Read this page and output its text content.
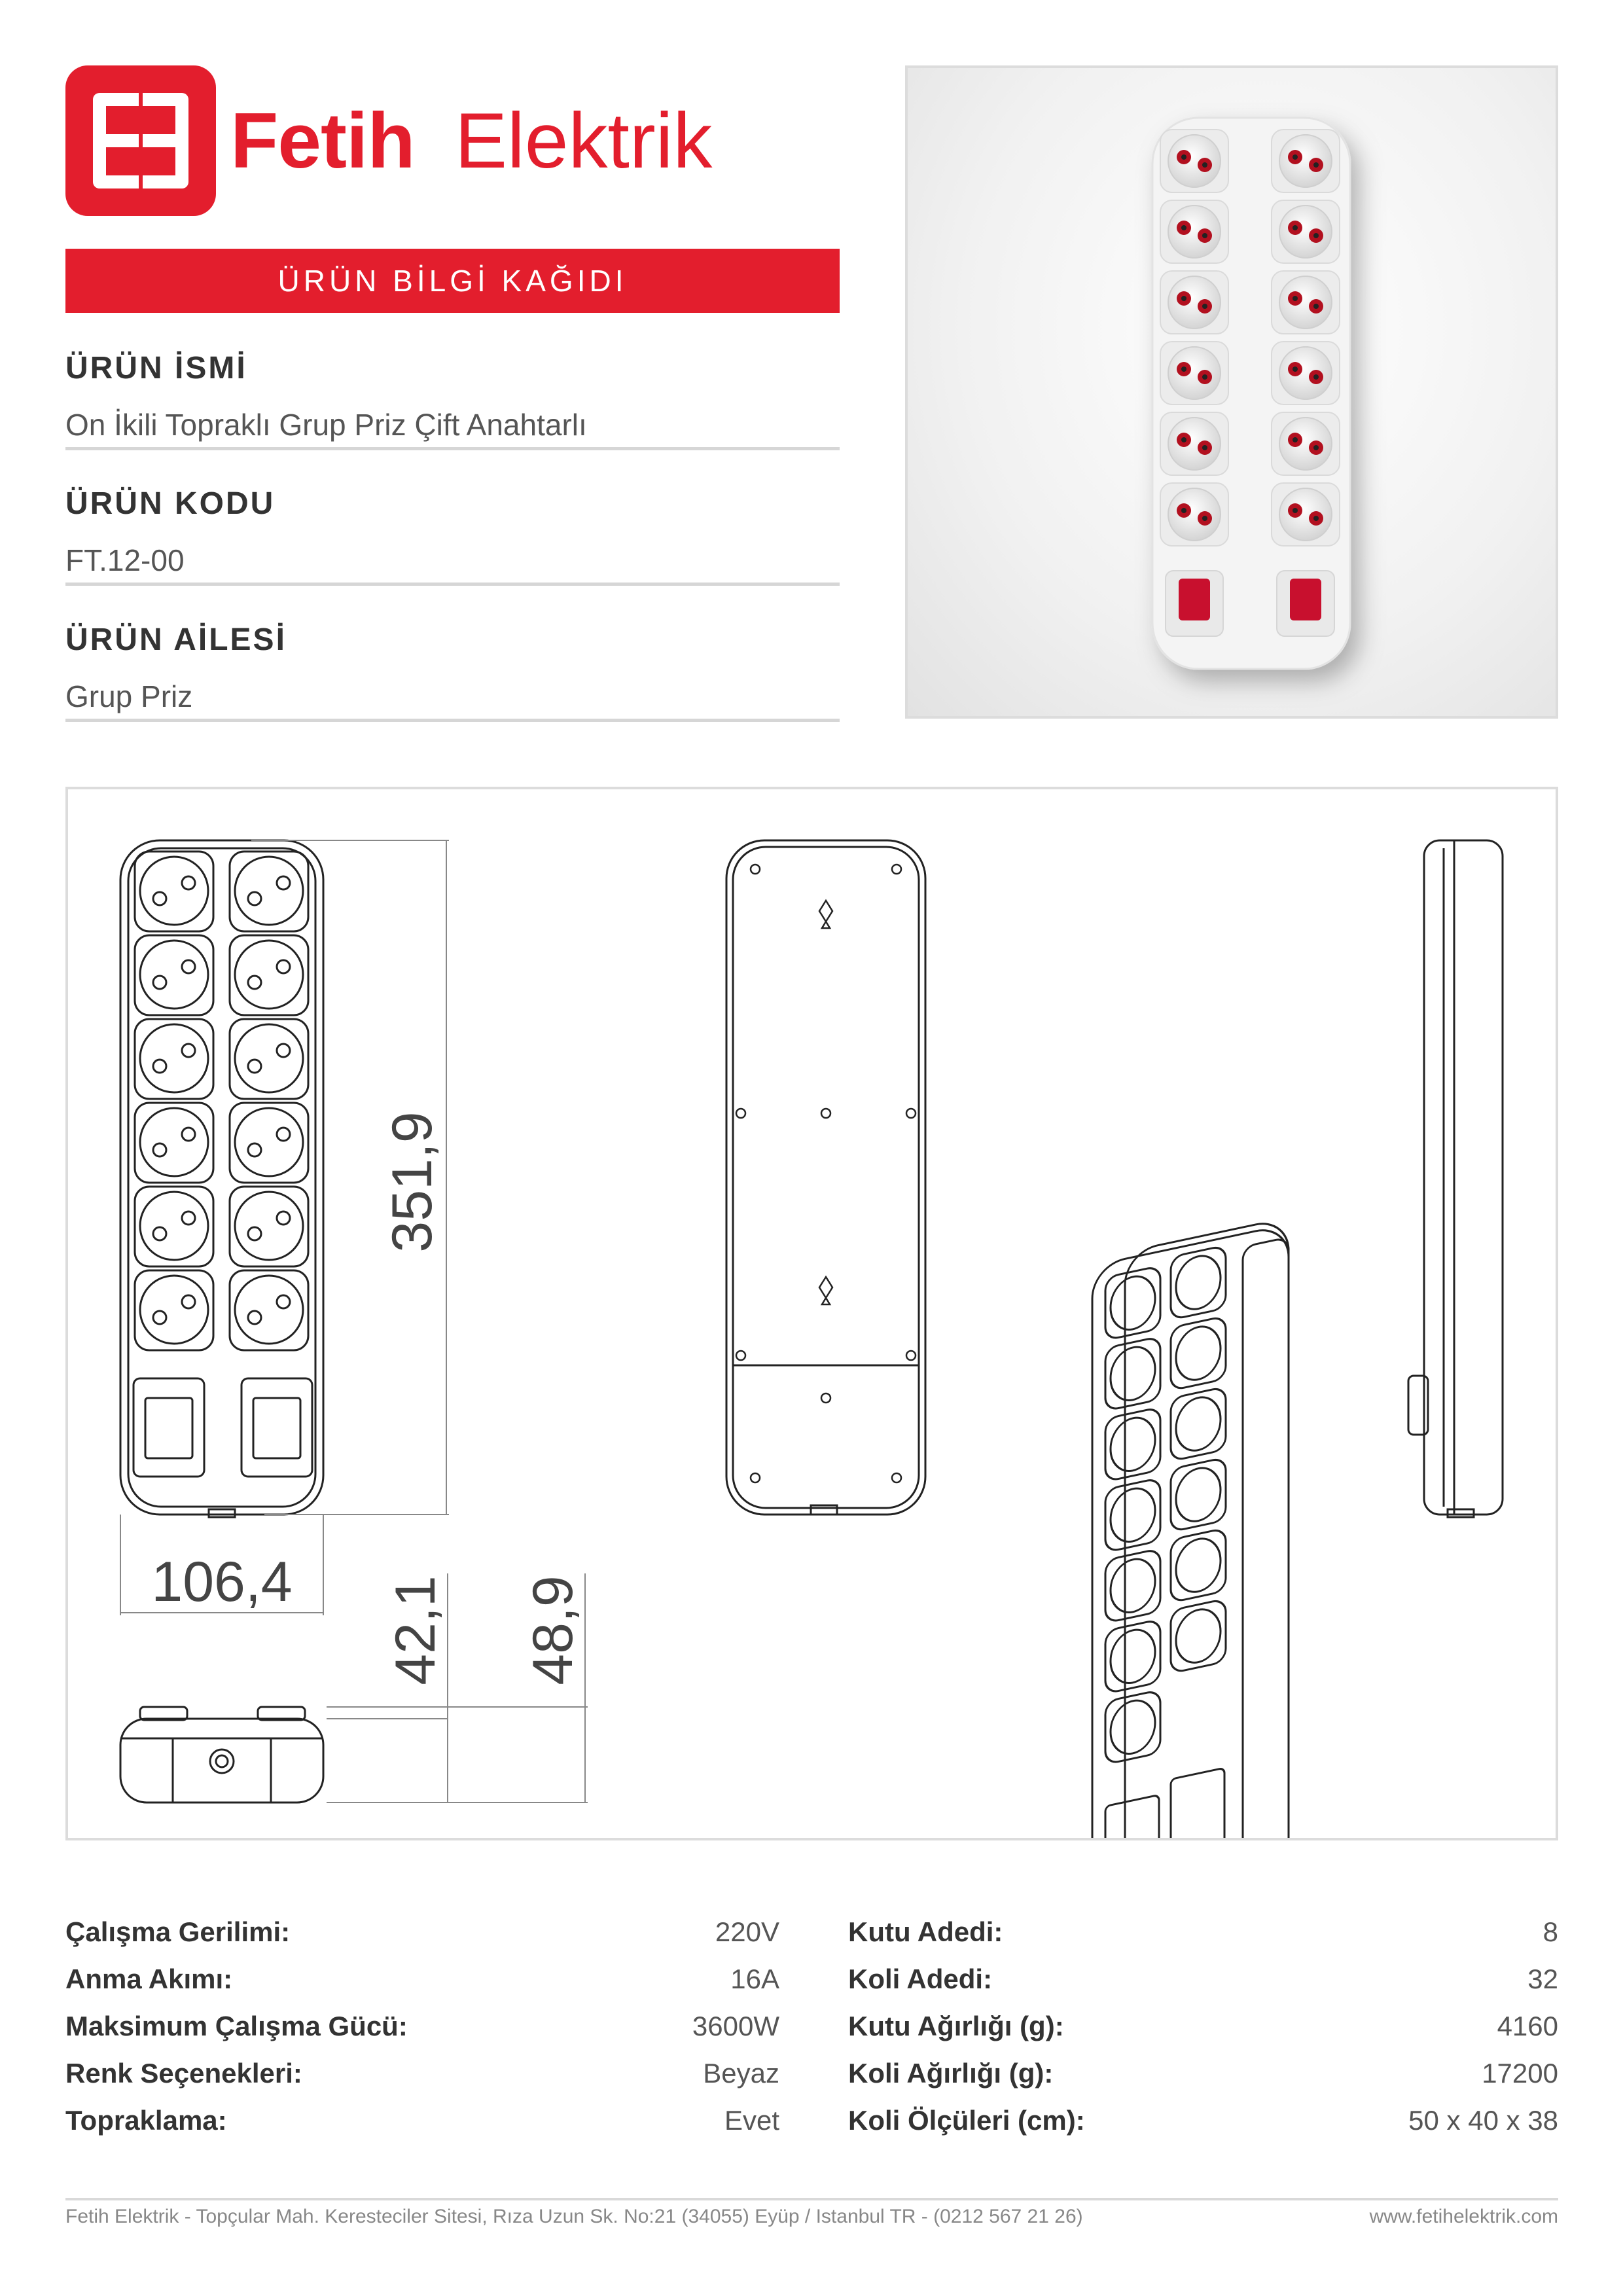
Fetih Elektrik
ÜRÜN BİLGİ KAĞIDI
ÜRÜN İSMİ
On İkili Topraklı Grup Priz Çift Anahtarlı
ÜRÜN KODU
FT.12-00
ÜRÜN AİLESİ
Grup Priz
351,9
106,4 42,1 48,9
Çalışma Gerilimi:	220V
Anma Akımı:	16A
Maksimum Çalışma Gücü:	3600W
Renk Seçenekleri:	Beyaz
Topraklama:	Evet
Kutu Adedi:	8
Koli Adedi:	32
Kutu Ağırlığı (g):	4160
Koli Ağırlığı (g):	17200
Koli Ölçüleri (cm):	50 x 40 x 38
Fetih Elektrik - Topçular Mah. Keresteciler Sitesi, Rıza Uzun Sk. No:21 (34055) Eyüp / Istanbul TR - (0212 567 21 26)	www.fetihelektrik.com
